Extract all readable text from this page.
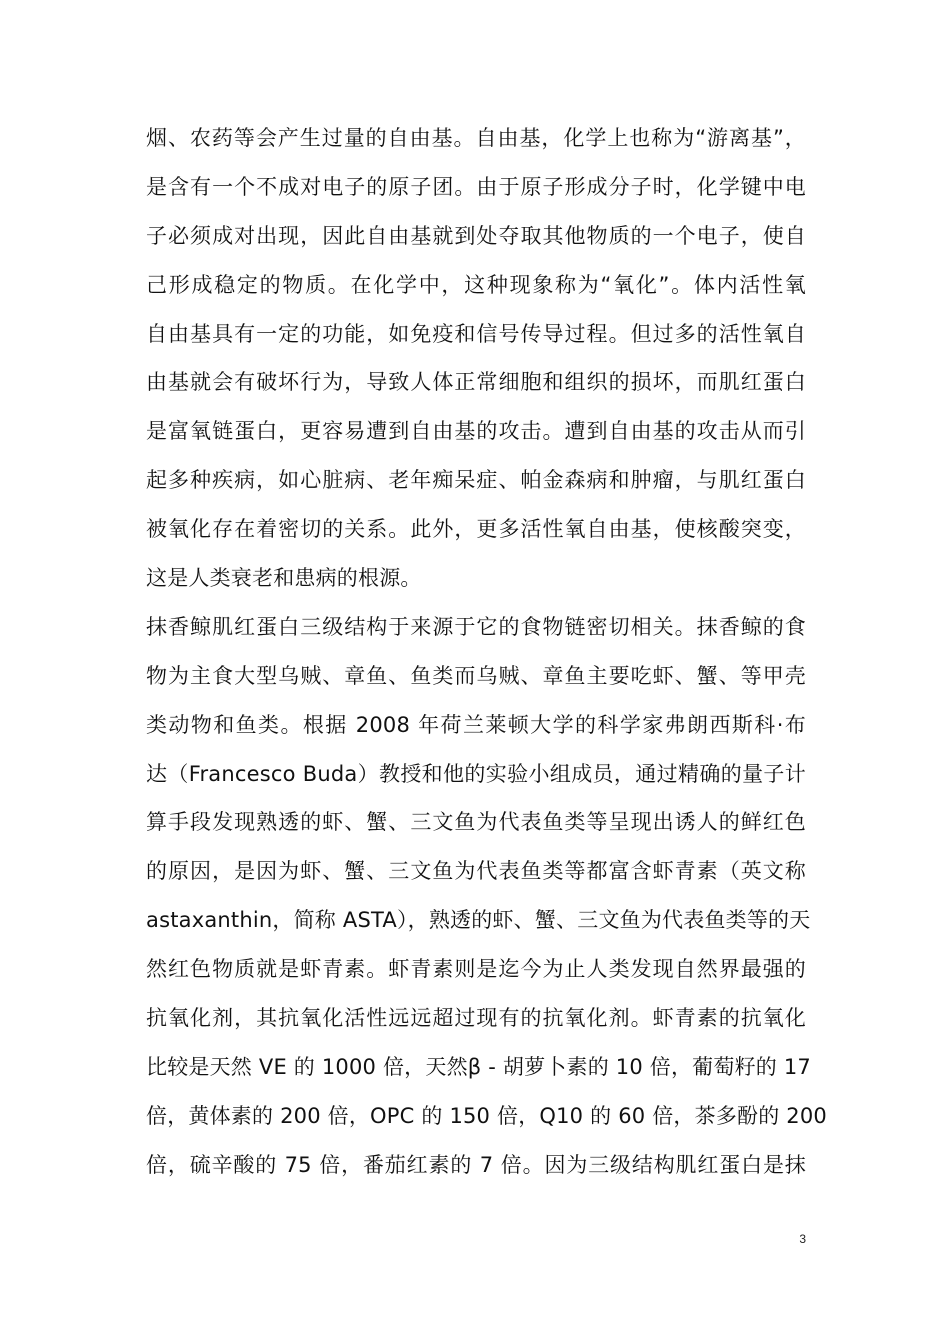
烟、农药等会产生过量的自由基。自由基，化学上也称为“游离基”，
是含有一个不成对电子的原子团。由于原子形成分子时，化学键中电
子必须成对出现，因此自由基就到处夺取其他物质的一个电子，使自
己形成稳定的物质。在化学中，这种现象称为“氧化”。体内活性氧
自由基具有一定的功能，如免疫和信号传导过程。但过多的活性氧自
由基就会有破坏行为，导致人体正常细胞和组织的损坏，而肌红蛋白
是富氧链蛋白，更容易遭到自由基的攻击。遭到自由基的攻击从而引
起多种疾病，如心脏病、老年痴呆症、帕金森病和肿瘤，与肌红蛋白
被氧化存在着密切的关系。此外，更多活性氧自由基，使核酸突变，
这是人类衰老和患病的根源。
抹香鲸肌红蛋白三级结构于来源于它的食物链密切相关。抹香鲸的食
物为主食大型乌贼、章鱼、鱼类而乌贼、章鱼主要吃虾、蟹、等甲壳
类动物和鱼类。根据 2008 年荷兰莱顿大学的科学家弗朗西斯科·布
达（Francesco Buda）教授和他的实验小组成员，通过精确的量子计
算手段发现熟透的虾、蟹、三文鱼为代表鱼类等呈现出诱人的鲜红色
的原因，是因为虾、蟹、三文鱼为代表鱼类等都富含虾青素（英文称
astaxanthin，简称 ASTA），熟透的虾、蟹、三文鱼为代表鱼类等的天
然红色物质就是虾青素。虾青素则是迄今为止人类发现自然界最强的
抗氧化剂，其抗氧化活性远远超过现有的抗氧化剂。虾青素的抗氧化
比较是天然 VE 的 1000 倍，天然β - 胡萝卜素的 10 倍，葡萄籽的 17
倍，黄体素的 200 倍，OPC 的 150 倍，Q10 的 60 倍，茶多酚的 200
倍，硫辛酸的 75 倍，番茄红素的 7 倍。因为三级结构肌红蛋白是抹
3
